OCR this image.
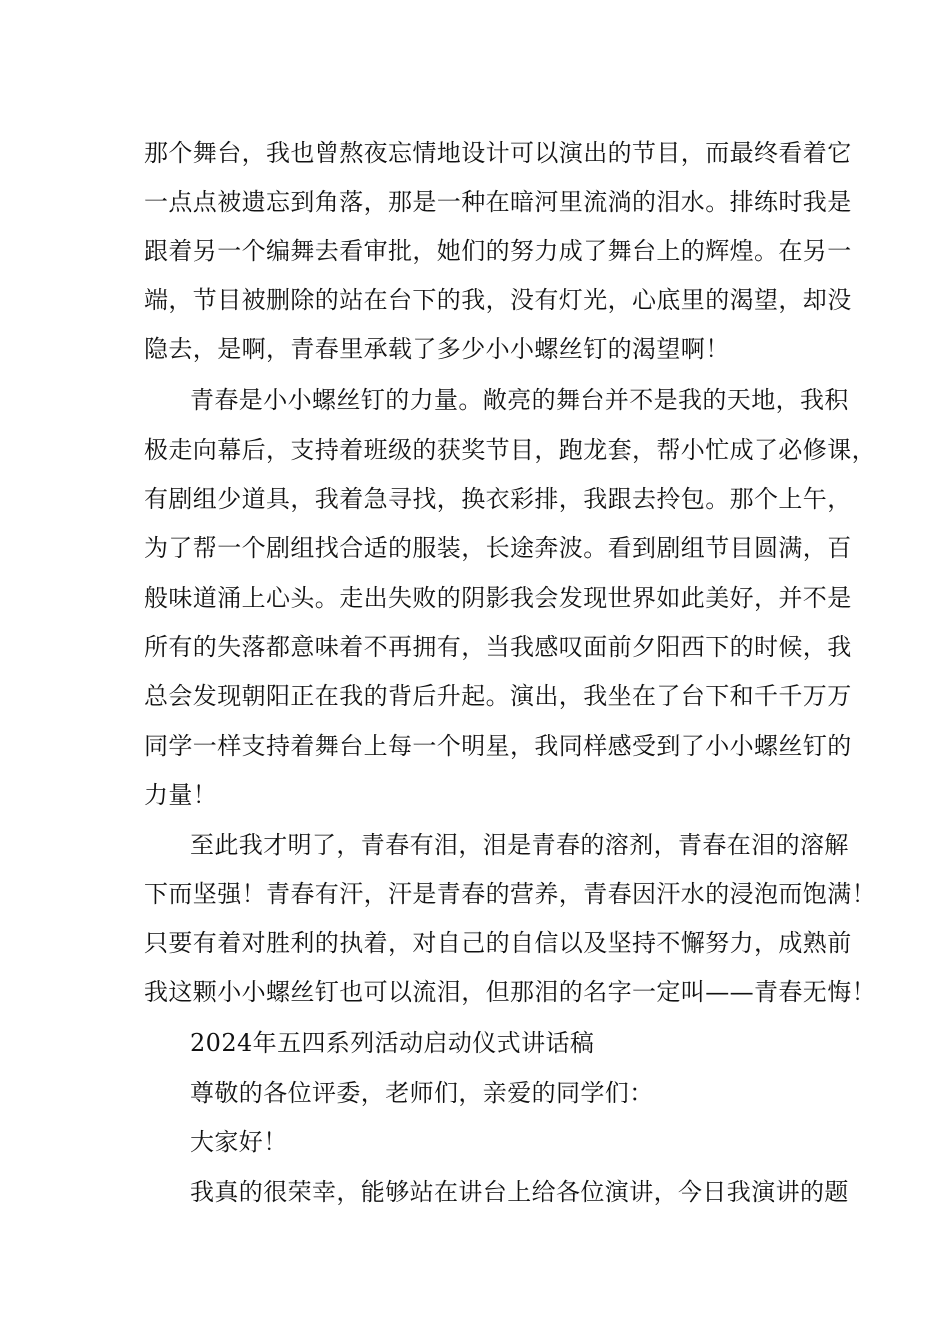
那个舞台，我也曾熬夜忘情地设计可以演出的节目，而最终看着它
一点点被遗忘到角落，那是一种在暗河里流淌的泪水。排练时我是
跟着另一个编舞去看审批，她们的努力成了舞台上的辉煌。在另一
端，节目被删除的站在台下的我，没有灯光，心底里的渴望，却没
隐去，是啊，青春里承载了多少小小螺丝钉的渴望啊！
青春是小小螺丝钉的力量。敞亮的舞台并不是我的天地，我积
极走向幕后，支持着班级的获奖节目，跑龙套，帮小忙成了必修课，
有剧组少道具，我着急寻找，换衣彩排，我跟去拎包。那个上午，
为了帮一个剧组找合适的服装，长途奔波。看到剧组节目圆满，百
般味道涌上心头。走出失败的阴影我会发现世界如此美好，并不是
所有的失落都意味着不再拥有，当我感叹面前夕阳西下的时候，我
总会发现朝阳正在我的背后升起。演出，我坐在了台下和千千万万
同学一样支持着舞台上每一个明星，我同样感受到了小小螺丝钉的
力量！
至此我才明了，青春有泪，泪是青春的溶剂，青春在泪的溶解
下而坚强！青春有汗，汗是青春的营养，青春因汗水的浸泡而饱满！
只要有着对胜利的执着，对自己的自信以及坚持不懈努力，成熟前
我这颗小小螺丝钉也可以流泪，但那泪的名字一定叫——青春无悔！
2024年五四系列活动启动仪式讲话稿
尊敬的各位评委，老师们，亲爱的同学们：
大家好！
我真的很荣幸，能够站在讲台上给各位演讲，今日我演讲的题
